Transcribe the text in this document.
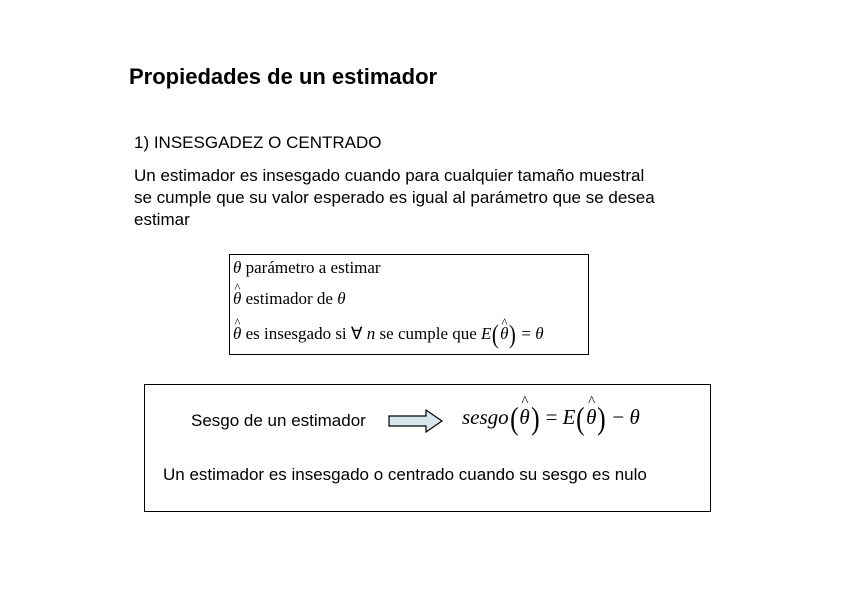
Propiedades de un estimador
1) INSESGADEZ O CENTRADO
Un estimador es insesgado cuando para cualquier tamaño muestral
se cumple que su valor esperado es igual al parámetro que se desea
estimar
θ parámetro a estimar
^ θ estimador de θ
^ θ es insesgado si ∀ n se cumple que E(^ θ) = θ
Sesgo de un estimador	sesgo(^ θ) = E(^ θ) − θ
Un estimador es insesgado o centrado cuando su sesgo es nulo
